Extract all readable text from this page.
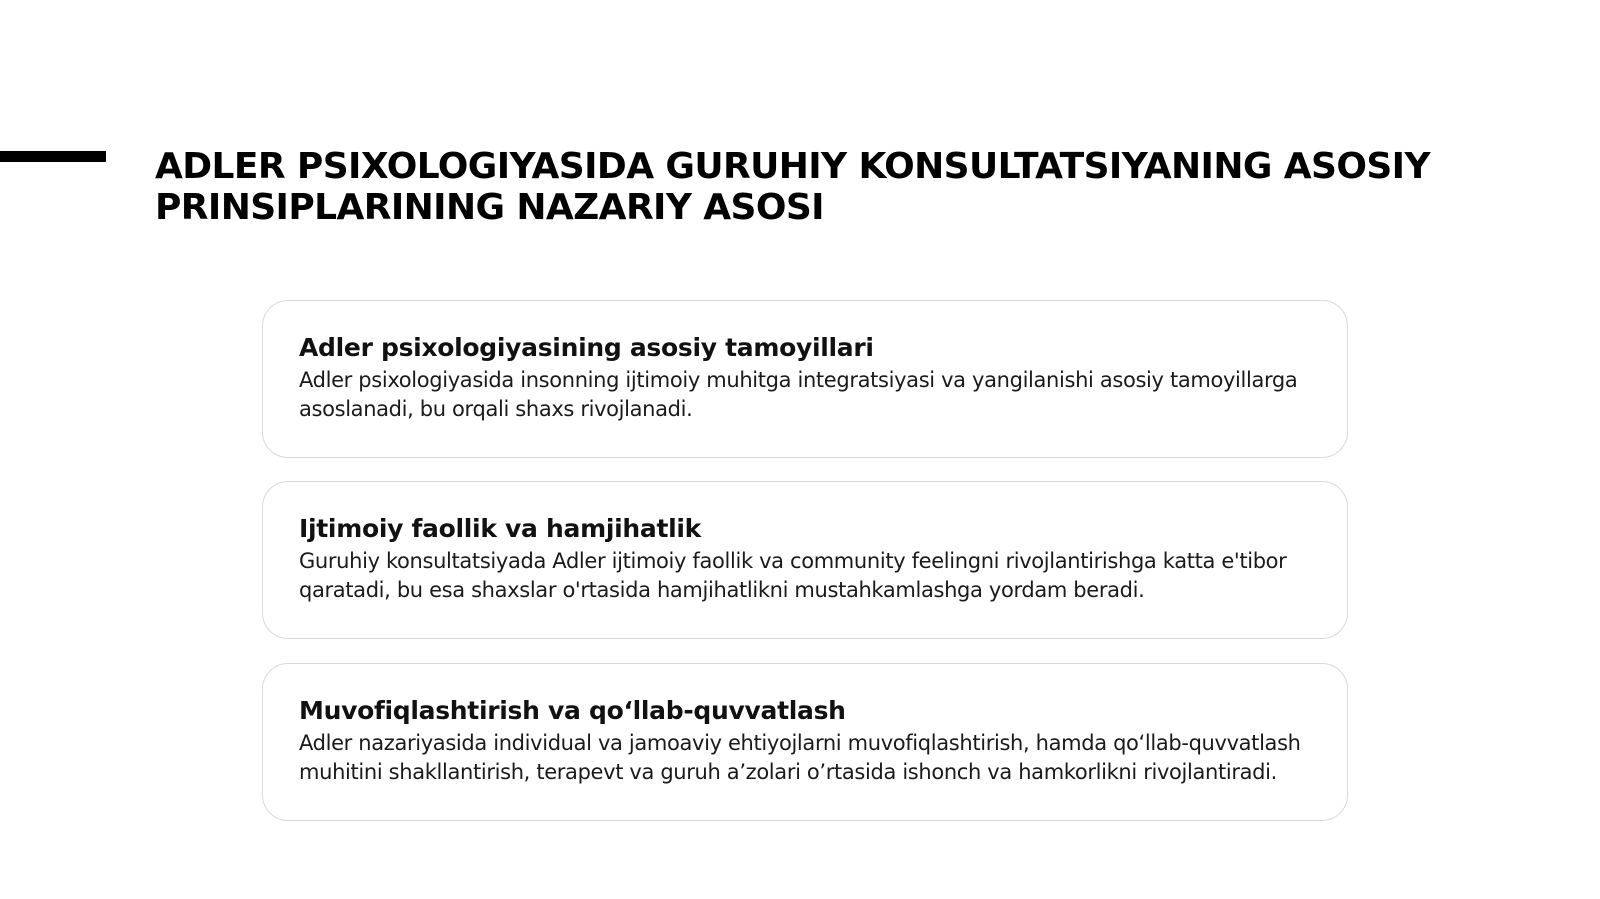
ADLER PSIXOLOGIYASIDA GURUHIY KONSULTATSIYANING ASOSIY PRINSIPLARINING NAZARIY ASOSI
Adler psixologiyasining asosiy tamoyillari

Adler psixologiyasida insonning ijtimoiy muhitga integratsiyasi va yangilanishi asosiy tamoyillarga asoslanadi, bu orqali shaxs rivojlanadi.

Ijtimoiy faollik va hamjihatlik

Guruhiy konsultatsiyada Adler ijtimoiy faollik va community feelingni rivojlantirishga katta e'tibor qaratadi, bu esa shaxslar o'rtasida hamjihatlikni mustahkamlashga yordam beradi.

Muvofiqlashtirish va qo‘llab-quvvatlash

Adler nazariyasida individual va jamoaviy ehtiyojlarni muvofiqlashtirish, hamda qo‘llab-quvvatlash muhitini shakllantirish, terapevt va guruh a’zolari o’rtasida ishonch va hamkorlikni rivojlantiradi.
